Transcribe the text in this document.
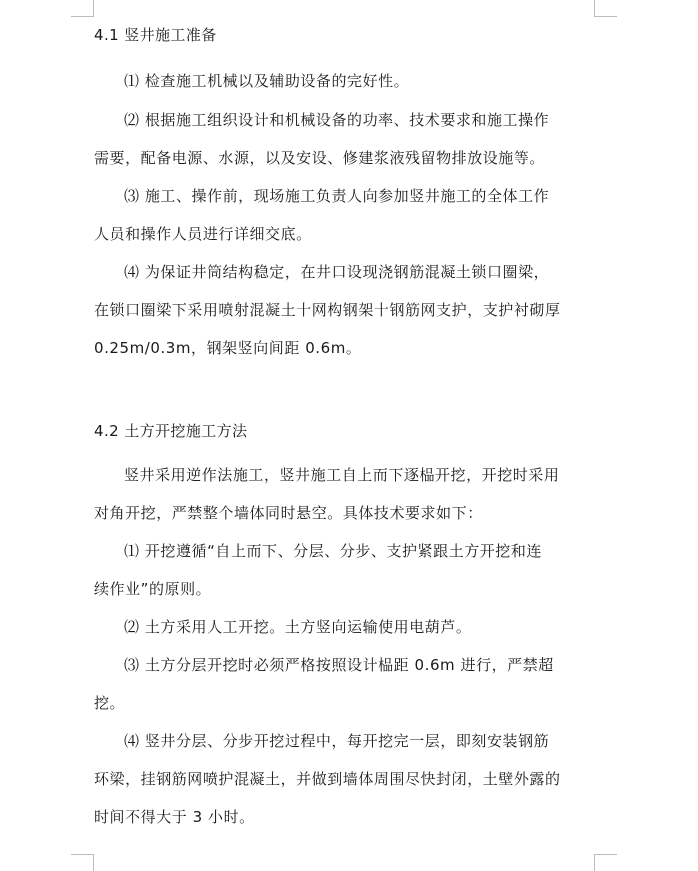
4.1 竖井施工准备
⑴ 检查施工机械以及辅助设备的完好性。
⑵ 根据施工组织设计和机械设备的功率、技术要求和施工操作
需要，配备电源、水源，以及安设、修建浆液残留物排放设施等。
⑶ 施工、操作前，现场施工负责人向参加竖井施工的全体工作
人员和操作人员进行详细交底。
⑷ 为保证井筒结构稳定，在井口设现浇钢筋混凝土锁口圈梁，
在锁口圈梁下采用喷射混凝土十网构钢架十钢筋网支护，支护衬砌厚
0.25m/0.3m，钢架竖向间距 0.6m。
4.2 土方开挖施工方法
竖井采用逆作法施工，竖井施工自上而下逐榀开挖，开挖时采用
对角开挖，严禁整个墙体同时悬空。具体技术要求如下：
⑴ 开挖遵循“自上而下、分层、分步、支护紧跟土方开挖和连
续作业”的原则。
⑵ 土方采用人工开挖。土方竖向运输使用电葫芦。
⑶ 土方分层开挖时必须严格按照设计榀距 0.6m 进行，严禁超
挖。
⑷ 竖井分层、分步开挖过程中，每开挖完一层，即刻安装钢筋
环梁，挂钢筋网喷护混凝土，并做到墙体周围尽快封闭，土壁外露的
时间不得大于 3 小时。
